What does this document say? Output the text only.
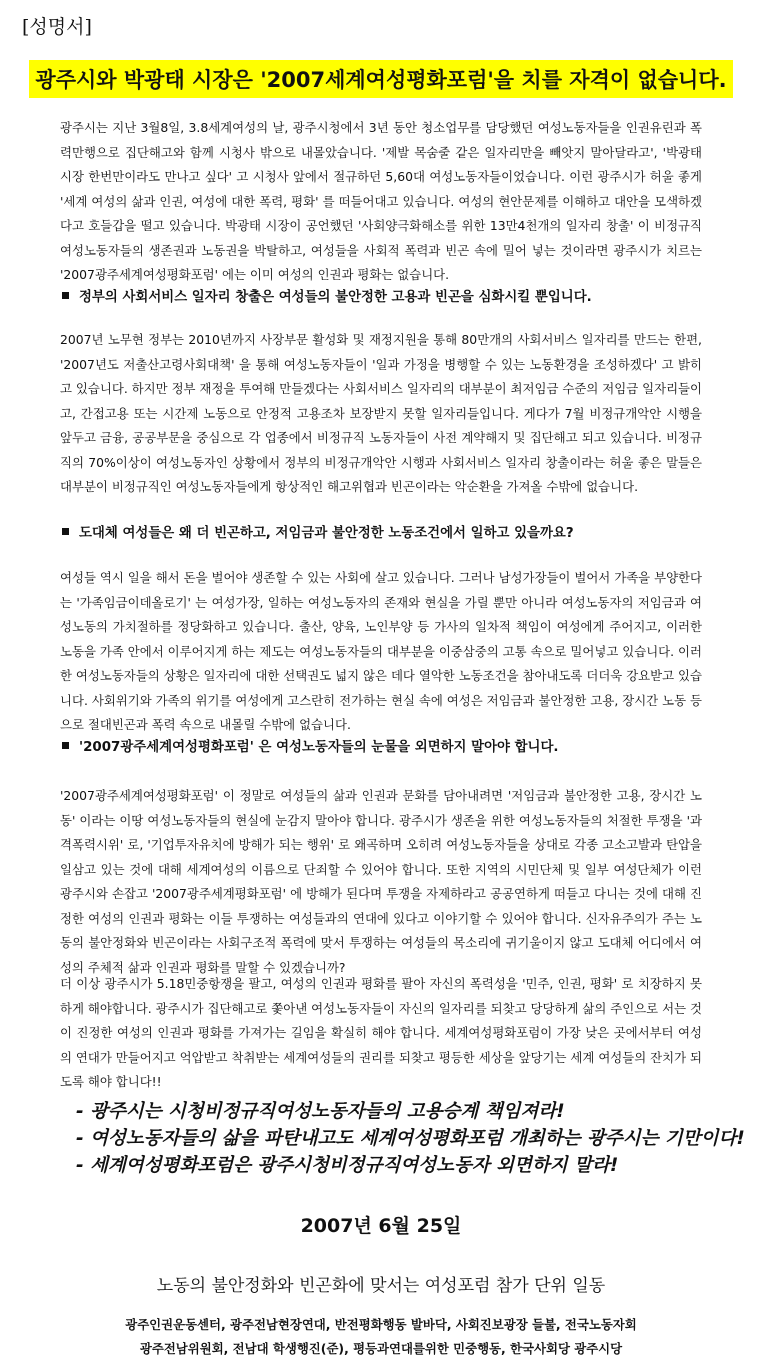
[성명서]
광주시와 박광태 시장은 '2007세계여성평화포럼'을 치를 자격이 없습니다.

광주시는 지난 3월8일, 3.8세계여성의 날, 광주시청에서 3년 동안 청소업무를 담당했던 여성노동자들을 인권유린과 폭력만행으로 집단해고와 함께 시청사 밖으로 내몰았습니다. '제발 목숨줄 같은 일자리만을 빼앗지 말아달라고', '박광태 시장 한번만이라도 만나고 싶다' 고 시청사 앞에서 절규하던 5,60대 여성노동자들이었습니다. 이런 광주시가 허울 좋게 '세계 여성의 삶과 인권, 여성에 대한 폭력, 평화' 를 떠들어대고 있습니다. 여성의 현안문제를 이해하고 대안을 모색하겠다고 호들갑을 떨고 있습니다. 박광태 시장이 공언했던 '사회양극화해소를 위한 13만4천개의 일자리 창출' 이 비정규직여성노동자들의 생존권과 노동권을 박탈하고, 여성들을 사회적 폭력과 빈곤 속에 밀어 넣는 것이라면 광주시가 치르는 '2007광주세계여성평화포럼' 에는 이미 여성의 인권과 평화는 없습니다.

정부의 사회서비스 일자리 창출은 여성들의 불안정한 고용과 빈곤을 심화시킬 뿐입니다.

2007년 노무현 정부는 2010년까지 사장부문 활성화 및 재정지원을 통해 80만개의 사회서비스 일자리를 만드는 한편, '2007년도 저출산고령사회대책' 을 통해 여성노동자들이 '일과 가정을 병행할 수 있는 노동환경을 조성하겠다' 고 밝히고 있습니다. 하지만 정부 재정을 투여해 만들겠다는 사회서비스 일자리의 대부분이 최저임금 수준의 저임금 일자리들이고, 간접고용 또는 시간제 노동으로 안정적 고용조차 보장받지 못할 일자리들입니다. 게다가 7월 비정규개악안 시행을 앞두고 금융, 공공부문을 중심으로 각 업종에서 비정규직 노동자들이 사전 계약해지 및 집단해고 되고 있습니다. 비정규직의 70%이상이 여성노동자인 상황에서 정부의 비정규개악안 시행과 사회서비스 일자리 창출이라는 허울 좋은 말들은 대부분이 비정규직인 여성노동자들에게 항상적인 해고위협과 빈곤이라는 악순환을 가져올 수밖에 없습니다.

도대체 여성들은 왜 더 빈곤하고, 저임금과 불안정한 노동조건에서 일하고 있을까요?

여성들 역시 일을 해서 돈을 벌어야 생존할 수 있는 사회에 살고 있습니다. 그러나 남성가장들이 벌어서 가족을 부양한다는 '가족임금이데올로기' 는 여성가장, 일하는 여성노동자의 존재와 현실을 가릴 뿐만 아니라 여성노동자의 저임금과 여성노동의 가치절하를 정당화하고 있습니다. 출산, 양육, 노인부양 등 가사의 일차적 책임이 여성에게 주어지고, 이러한 노동을 가족 안에서 이루어지게 하는 제도는 여성노동자들의 대부분을 이중삼중의 고통 속으로 밀어넣고 있습니다. 이러한 여성노동자들의 상황은 일자리에 대한 선택권도 넓지 않은 데다 열악한 노동조건을 참아내도록 더더욱 강요받고 있습니다. 사회위기와 가족의 위기를 여성에게 고스란히 전가하는 현실 속에 여성은 저임금과 불안정한 고용, 장시간 노동 등으로 절대빈곤과 폭력 속으로 내몰릴 수밖에 없습니다.

'2007광주세계여성평화포럼' 은 여성노동자들의 눈물을 외면하지 말아야 합니다.

'2007광주세계여성평화포럼' 이 정말로 여성들의 삶과 인권과 문화를 담아내려면 '저임금과 불안정한 고용, 장시간 노동' 이라는 이땅 여성노동자들의 현실에 눈감지 말아야 합니다. 광주시가 생존을 위한 여성노동자들의 처절한 투쟁을 '과격폭력시위' 로, '기업투자유치에 방해가 되는 행위' 로 왜곡하며 오히려 여성노동자들을 상대로 각종 고소고발과 탄압을 일삼고 있는 것에 대해 세계여성의 이름으로 단죄할 수 있어야 합니다. 또한 지역의 시민단체 및 일부 여성단체가 이런 광주시와 손잡고 '2007광주세계평화포럼' 에 방해가 된다며 투쟁을 자제하라고 공공연하게 떠들고 다니는 것에 대해 진정한 여성의 인권과 평화는 이들 투쟁하는 여성들과의 연대에 있다고 이야기할 수 있어야 합니다. 신자유주의가 주는 노동의 불안정화와 빈곤이라는 사회구조적 폭력에 맞서 투쟁하는 여성들의 목소리에 귀기울이지 않고 도대체 어디에서 여성의 주체적 삶과 인권과 평화를 말할 수 있겠습니까?

더 이상 광주시가 5.18민중항쟁을 팔고, 여성의 인권과 평화를 팔아 자신의 폭력성을 '민주, 인권, 평화' 로 치장하지 못하게 해야합니다. 광주시가 집단해고로 쫓아낸 여성노동자들이 자신의 일자리를 되찾고 당당하게 삶의 주인으로 서는 것이 진정한 여성의 인권과 평화를 가져가는 길임을 확실히 해야 합니다. 세계여성평화포럼이 가장 낮은 곳에서부터 여성의 연대가 만들어지고 억압받고 착취받는 세계여성들의 권리를 되찾고 평등한 세상을 앞당기는 세계 여성들의 잔치가 되도록 해야 합니다!!

- 광주시는 시청비정규직여성노동자들의 고용승계 책임져라!
- 여성노동자들의 삶을 파탄내고도 세계여성평화포럼 개최하는 광주시는 기만이다!
- 세계여성평화포럼은 광주시청비정규직여성노동자 외면하지 말라!
2007년 6월 25일
노동의 불안정화와 빈곤화에 맞서는 여성포럼 참가 단위 일동
광주인권운동센터, 광주전남현장연대, 반전평화행동 발바닥, 사회진보광장 들불, 전국노동자회
광주전남위원회, 전남대 학생행진(준), 평등과연대를위한 민중행동, 한국사회당 광주시당
